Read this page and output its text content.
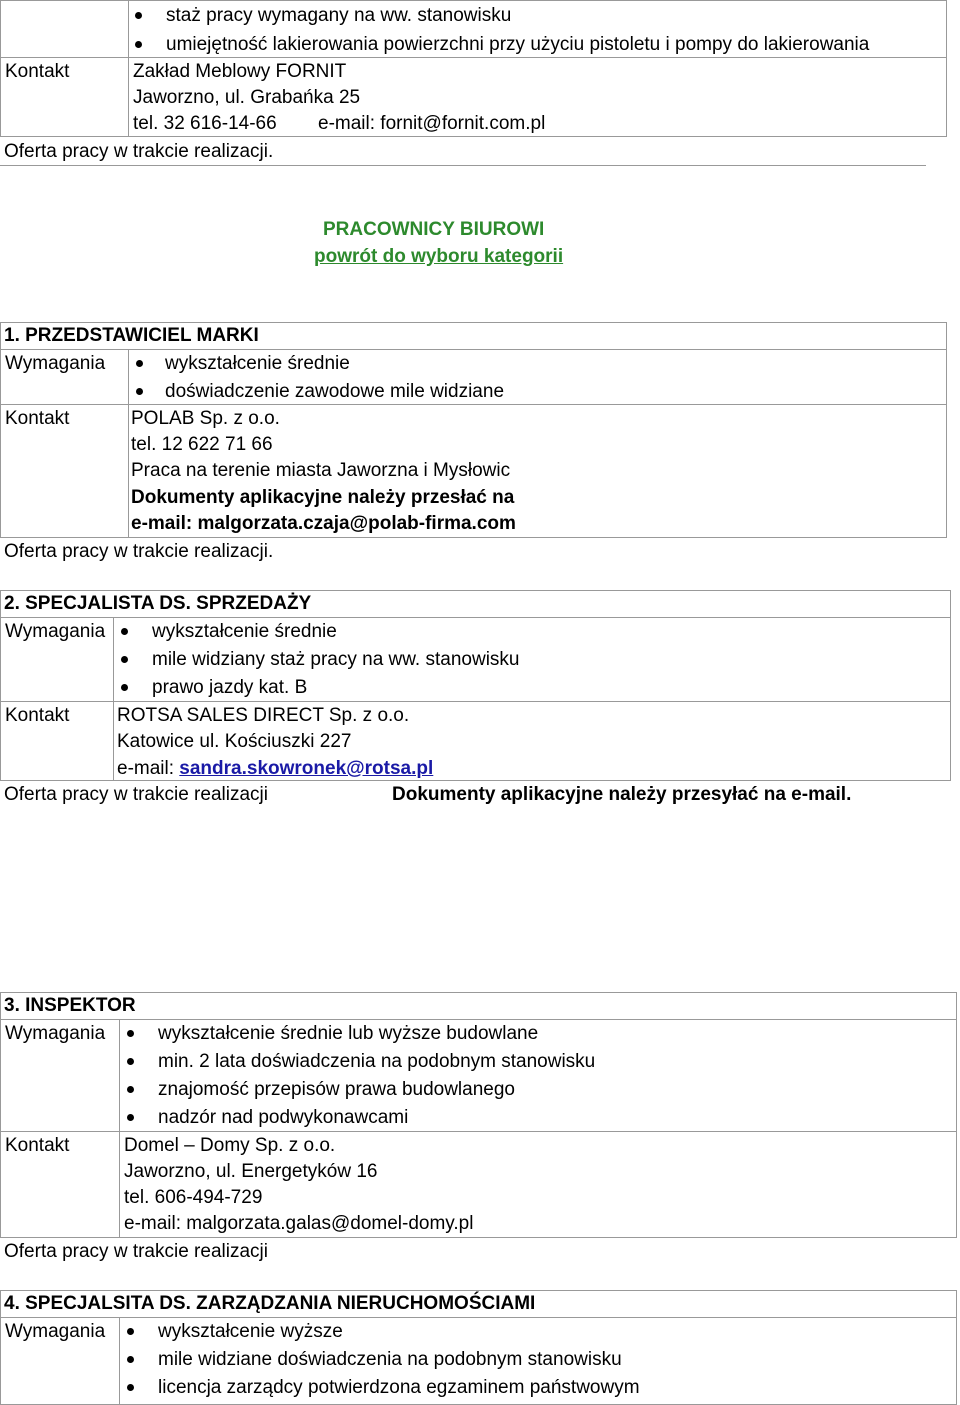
staż pracy wymagany na ww. stanowisku
umiejętność lakierowania powierzchni przy użyciu pistoletu i pompy do lakierowania
Kontakt	Zakład Meblowy FORNIT
Jaworzno, ul. Grabańka 25
tel. 32 616-14-66 e-mail: fornit@fornit.com.pl
Oferta pracy w trakcie realizacji.
PRACOWNICY BIUROWI
powrót do wyboru kategorii
1. PRZEDSTAWICIEL MARKI
Wymagania	wykształcenie średnie
doświadczenie zawodowe mile widziane
Kontakt	POLAB Sp. z o.o.
tel. 12 622 71 66
Praca na terenie miasta Jaworzna i Mysłowic
Dokumenty aplikacyjne należy przesłać na
e-mail: malgorzata.czaja@polab-firma.com
Oferta pracy w trakcie realizacji.
2. SPECJALISTA DS. SPRZEDAŻY
Wymagania wykształcenie średnie
mile widziany staż pracy na ww. stanowisku
prawo jazdy kat. B
Kontakt	ROTSA SALES DIRECT Sp. z o.o.
Katowice ul. Kościuszki 227
e-mail: sandra.skowronek@rotsa.pl
Oferta pracy w trakcie realizacji	Dokumenty aplikacyjne należy przesyłać na e-mail.
3. INSPEKTOR
Wymagania	wykształcenie średnie lub wyższe budowlane
min. 2 lata doświadczenia na podobnym stanowisku
znajomość przepisów prawa budowlanego
nadzór nad podwykonawcami
Kontakt	Domel – Domy Sp. z o.o.
Jaworzno, ul. Energetyków 16
tel. 606-494-729
e-mail: malgorzata.galas@domel-domy.pl
Oferta pracy w trakcie realizacji
4. SPECJALSITA DS. ZARZĄDZANIA NIERUCHOMOŚCIAMI
Wymagania	wykształcenie wyższe
mile widziane doświadczenia na podobnym stanowisku
licencja zarządcy potwierdzona egzaminem państwowym
